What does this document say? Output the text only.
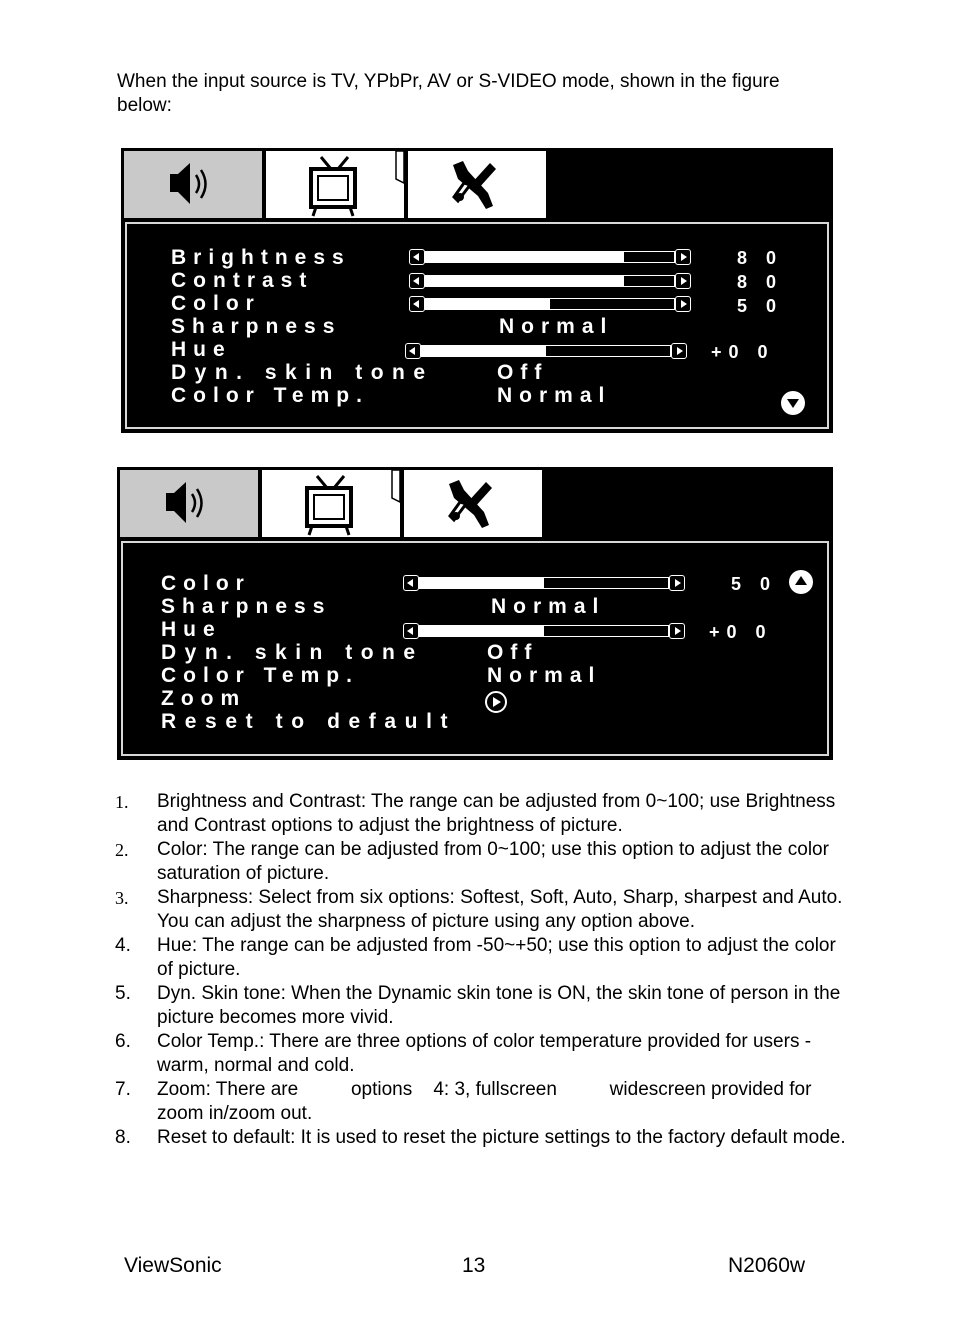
When the input source is TV, YPbPr, AV or S-VIDEO mode, shown in the figure below:
Brightness	8 0
Contrast	8 0
Color	5 0
Sharpness	Normal
Hue	+0 0
Dyn. skin tone	Off
Color Temp.	Normal
Color	5 0
Sharpness	Normal
Hue	+0 0
Dyn. skin tone	Off
Color Temp.	Normal
Zoom
Reset to default
1. Brightness and Contrast: The range can be adjusted from 0~100; use Brightness and Contrast options to adjust the brightness of picture.
2. Color: The range can be adjusted from 0~100; use this option to adjust the color saturation of picture.
3. Sharpness: Select from six options: Softest, Soft, Auto, Sharp, sharpest and Auto. You can adjust the sharpness of picture using any option above.
4. Hue: The range can be adjusted from -50~+50; use this option to adjust the color of picture.
5. Dyn. Skin tone: When the Dynamic skin tone is ON, the skin tone of person in the picture becomes more vivid.
6. Color Temp.: There are three options of color temperature provided for users - warm, normal and cold.
7. Zoom: There are          options    4: 3, fullscreen          widescreen provided for zoom in/zoom out.
8. Reset to default: It is used to reset the picture settings to the factory default mode.
ViewSonic	13	N2060w
